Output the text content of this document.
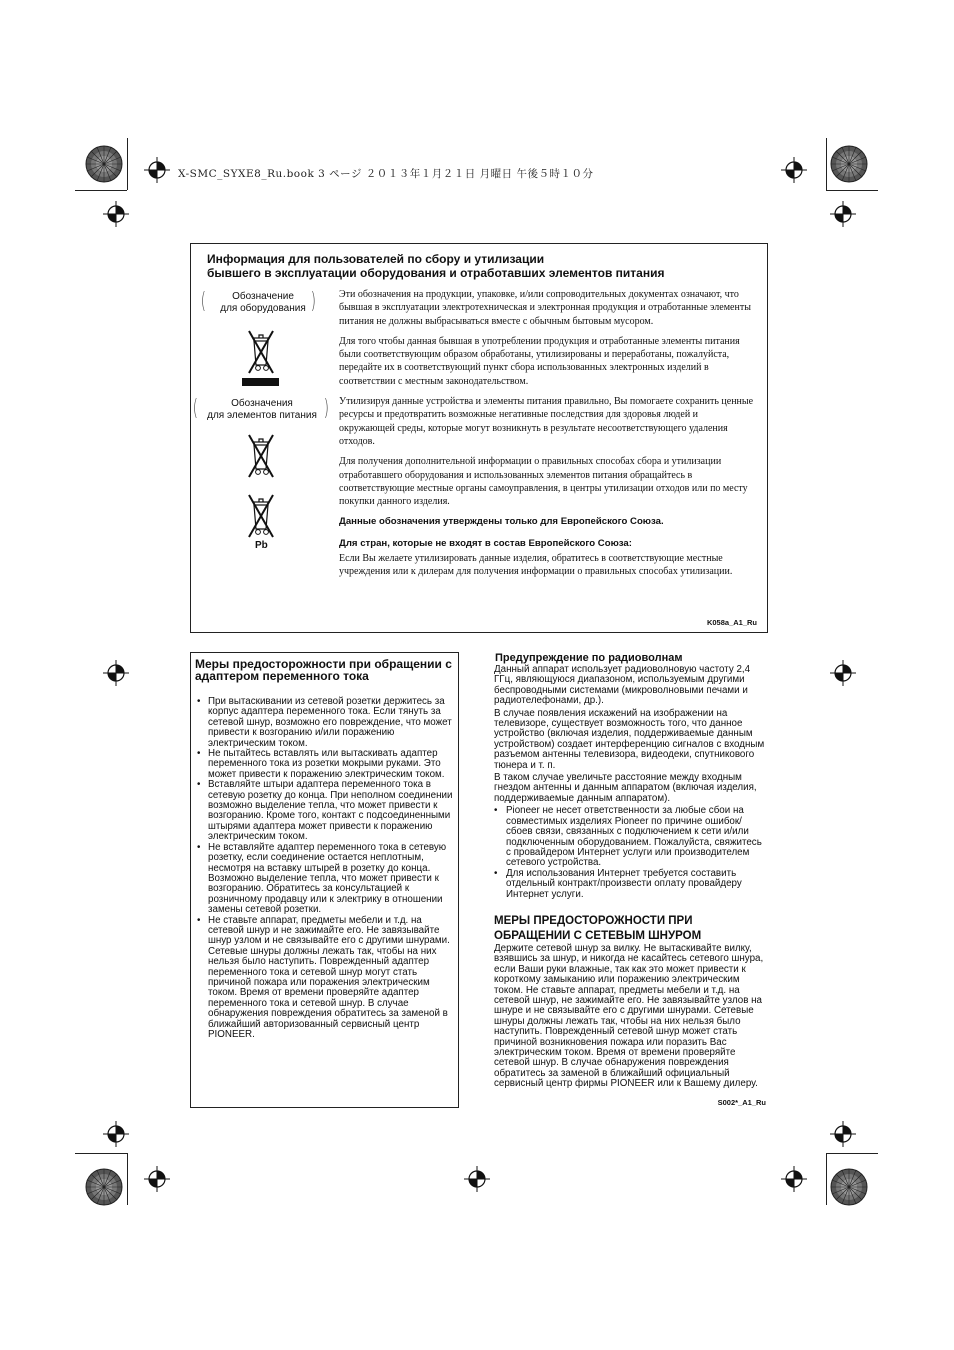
X-SMC_SYXE8_Ru.book 3 ページ ２０１３年１月２１日 月曜日 午後５時１０分
Информация для пользователей по сбору и утилизации
бывшего в эксплуатации оборудования и отработавших элементов питания
(	Обозначение
для оборудования )
(	Обозначения
для элементов питания )
Pb

Эти обозначения на продукции, упаковке, и/или сопроводительных документах означают, что бывшая в эксплуатации электротехническая и электронная продукция и отработанные элементы питания не должны выбрасываться вместе с обычным бытовым мусором.

Для того чтобы данная бывшая в употреблении продукция и отработанные элементы питания были соответствующим образом обработаны, утилизированы и переработаны, пожалуйста, передайте их в соответствующий пункт сбора использованных электронных изделий в соответствии с местным законодательством.

Утилизируя данные устройства и элементы питания правильно, Вы помогаете сохранить ценные ресурсы и предотвратить возможные негативные последствия для здоровья людей и окружающей среды, которые могут возникнуть в результате несоответствующего удаления отходов.

Для получения дополнительной информации о правильных способах сбора и утилизации отработавшего оборудования и использованных элементов питания обращайтесь в соответствующие местные органы самоуправления, в центры утилизации отходов или по месту покупки данного изделия.

Данные обозначения утверждены только для Европейского Союза.

Для стран, которые не входят в состав Европейского Союза:

Если Вы желаете утилизировать данные изделия, обратитесь в соответствующие местные учреждения или к дилерам для получения информации о правильных способах утилизации.

K058a_A1_Ru
Меры предосторожности при обращении с адаптером переменного тока
• При вытаскивании из сетевой розетки держитесь за корпус адаптера переменного тока. Если тянуть за сетевой шнур, возможно его повреждение, что может привести к возгоранию и/или поражению электрическим током.
• Не пытайтесь вставлять или вытаскивать адаптер переменного тока из розетки мокрыми руками. Это может привести к поражению электрическим током.
• Вставляйте штыри адаптера переменного тока в сетевую розетку до конца. При неполном соединении возможно выделение тепла, что может привести к возгоранию. Кроме того, контакт с подсоединенными штырями адаптера может привести к поражению электрическим током.
• Не вставляйте адаптер переменного тока в сетевую розетку, если соединение остается неплотным, несмотря на вставку штырей в розетку до конца. Возможно выделение тепла, что может привести к возгоранию. Обратитесь за консультацией к розничному продавцу или к электрику в отношении замены сетевой розетки.
• Не ставьте аппарат, предметы мебели и т.д. на сетевой шнур и не зажимайте его. Не завязывайте шнур узлом и не связывайте его с другими шнурами. Сетевые шнуры должны лежать так, чтобы на них нельзя было наступить. Поврежденный адаптер переменного тока и сетевой шнур могут стать причиной пожара или поражения электрическим током. Время от времени проверяйте адаптер переменного тока и сетевой шнур. В случае обнаружения повреждения обратитесь за заменой в ближайший авторизованный сервисный центр PIONEER.
Предупреждение по радиоволнам

Данный аппарат использует радиоволновую частоту 2,4 ГГц, являющуюся диапазоном, используемым другими беспроводными системами (микроволновыми печами и радиотелефонами, др.).

В случае появления искажений на изображении на телевизоре, существует возможность того, что данное устройство (включая изделия, поддерживаемые данным устройством) создает интерференцию сигналов с входным разъемом антенны телевизора, видеодеки, спутникового тюнера и т. п.

В таком случае увеличьте расстояние между входным гнездом антенны и данным аппаратом (включая изделия, поддерживаемые данным аппаратом).

• Pioneer не несет ответственности за любые сбои на совместимых изделиях Pioneer по причине ошибок/сбоев связи, связанных с подключением к сети и/или подключенным оборудованием. Пожалуйста, свяжитесь с провайдером Интернет услуги или производителем сетевого устройства.
• Для использования Интернет требуется составить отдельный контракт/произвести оплату провайдеру Интернет услуги.
МЕРЫ ПРЕДОСТОРОЖНОСТИ ПРИ
ОБРАЩЕНИИ С СЕТЕВЫМ ШНУРОМ

Держите сетевой шнур за вилку. Не вытаскивайте вилку, взявшись за шнур, и никогда не касайтесь сетевого шнура, если Ваши руки влажные, так как это может привести к короткому замыканию или поражению электрическим током. Не ставьте аппарат, предметы мебели и т.д. на сетевой шнур, не зажимайте его. Не завязывайте узлов на шнуре и не связывайте его с другими шнурами. Сетевые шнуры должны лежать так, чтобы на них нельзя было наступить. Поврежденный сетевой шнур может стать причиной возникновения пожара или поразить Вас электрическим током. Время от времени проверяйте сетевой шнур. В случае обнаружения повреждения обратитесь за заменой в ближайший официальный сервисный центр фирмы PIONEER или к Вашему дилеру.

S002*_A1_Ru
